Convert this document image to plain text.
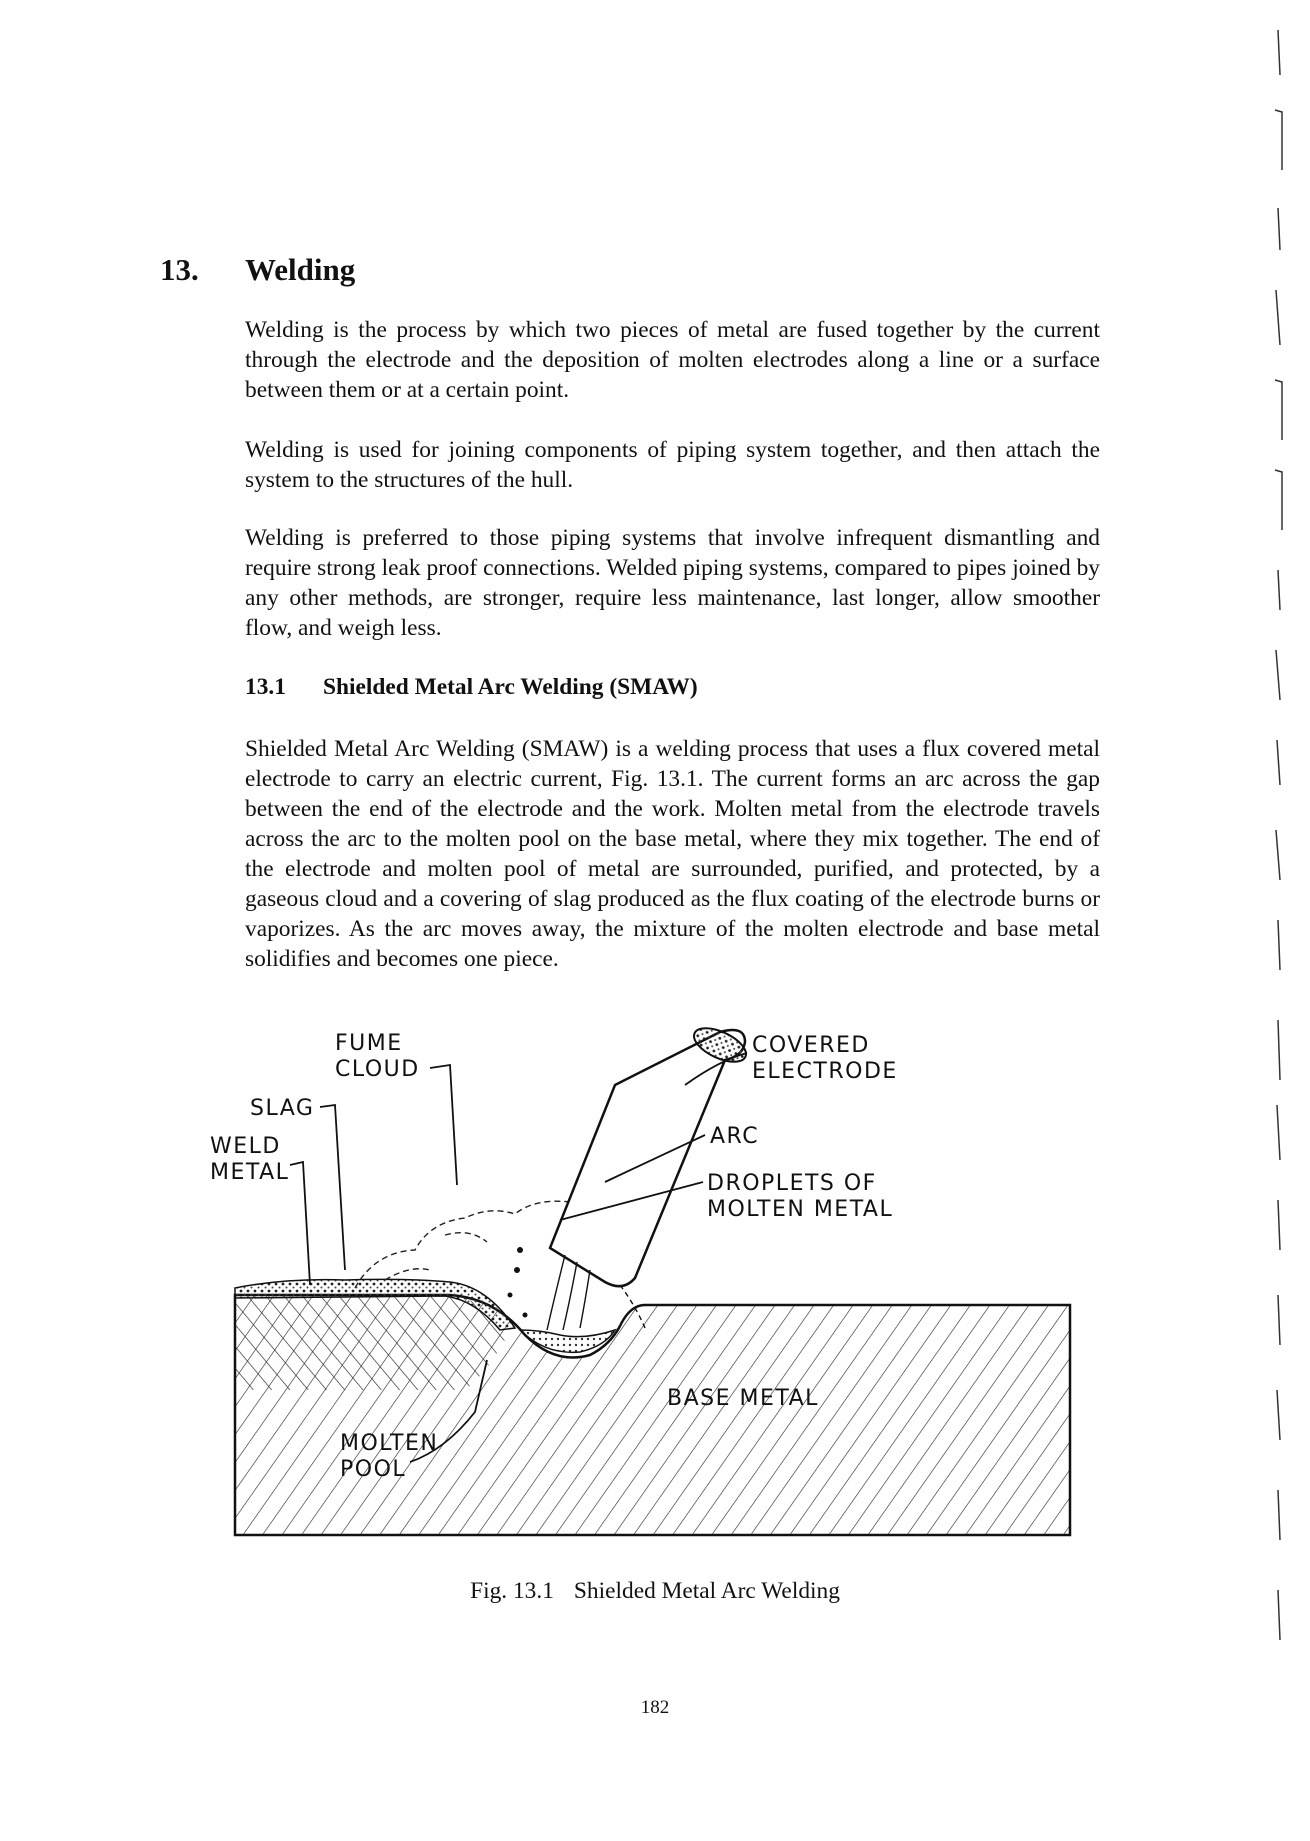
13. Welding

Welding is the process by which two pieces of metal are fused together by the current through the electrode and the deposition of molten electrodes along a line or a surface between them or at a certain point.

Welding is used for joining components of piping system together, and then attach the system to the structures of the hull.

Welding is preferred to those piping systems that involve infrequent dismantling and require strong leak proof connections. Welded piping systems, compared to pipes joined by any other methods, are stronger, require less maintenance, last longer, allow smoother flow, and weigh less.

13.1 Shielded Metal Arc Welding (SMAW)

Shielded Metal Arc Welding (SMAW) is a welding process that uses a flux covered metal electrode to carry an electric current, Fig. 13.1. The current forms an arc across the gap between the end of the electrode and the work. Molten metal from the electrode travels across the arc to the molten pool on the base metal, where they mix together. The end of the electrode and molten pool of metal are surrounded, purified, and protected, by a gaseous cloud and a covering of slag produced as the flux coating of the electrode burns or vaporizes. As the arc moves away, the mixture of the molten electrode and base metal solidifies and becomes one piece.

FUME
CLOUD
COVERED
ELECTRODE
SLAG
WELD
METAL
ARC
DROPLETS OF
MOLTEN METAL
BASE METAL
MOLTEN
POOL
Fig. 13.1 Shielded Metal Arc Welding
182
